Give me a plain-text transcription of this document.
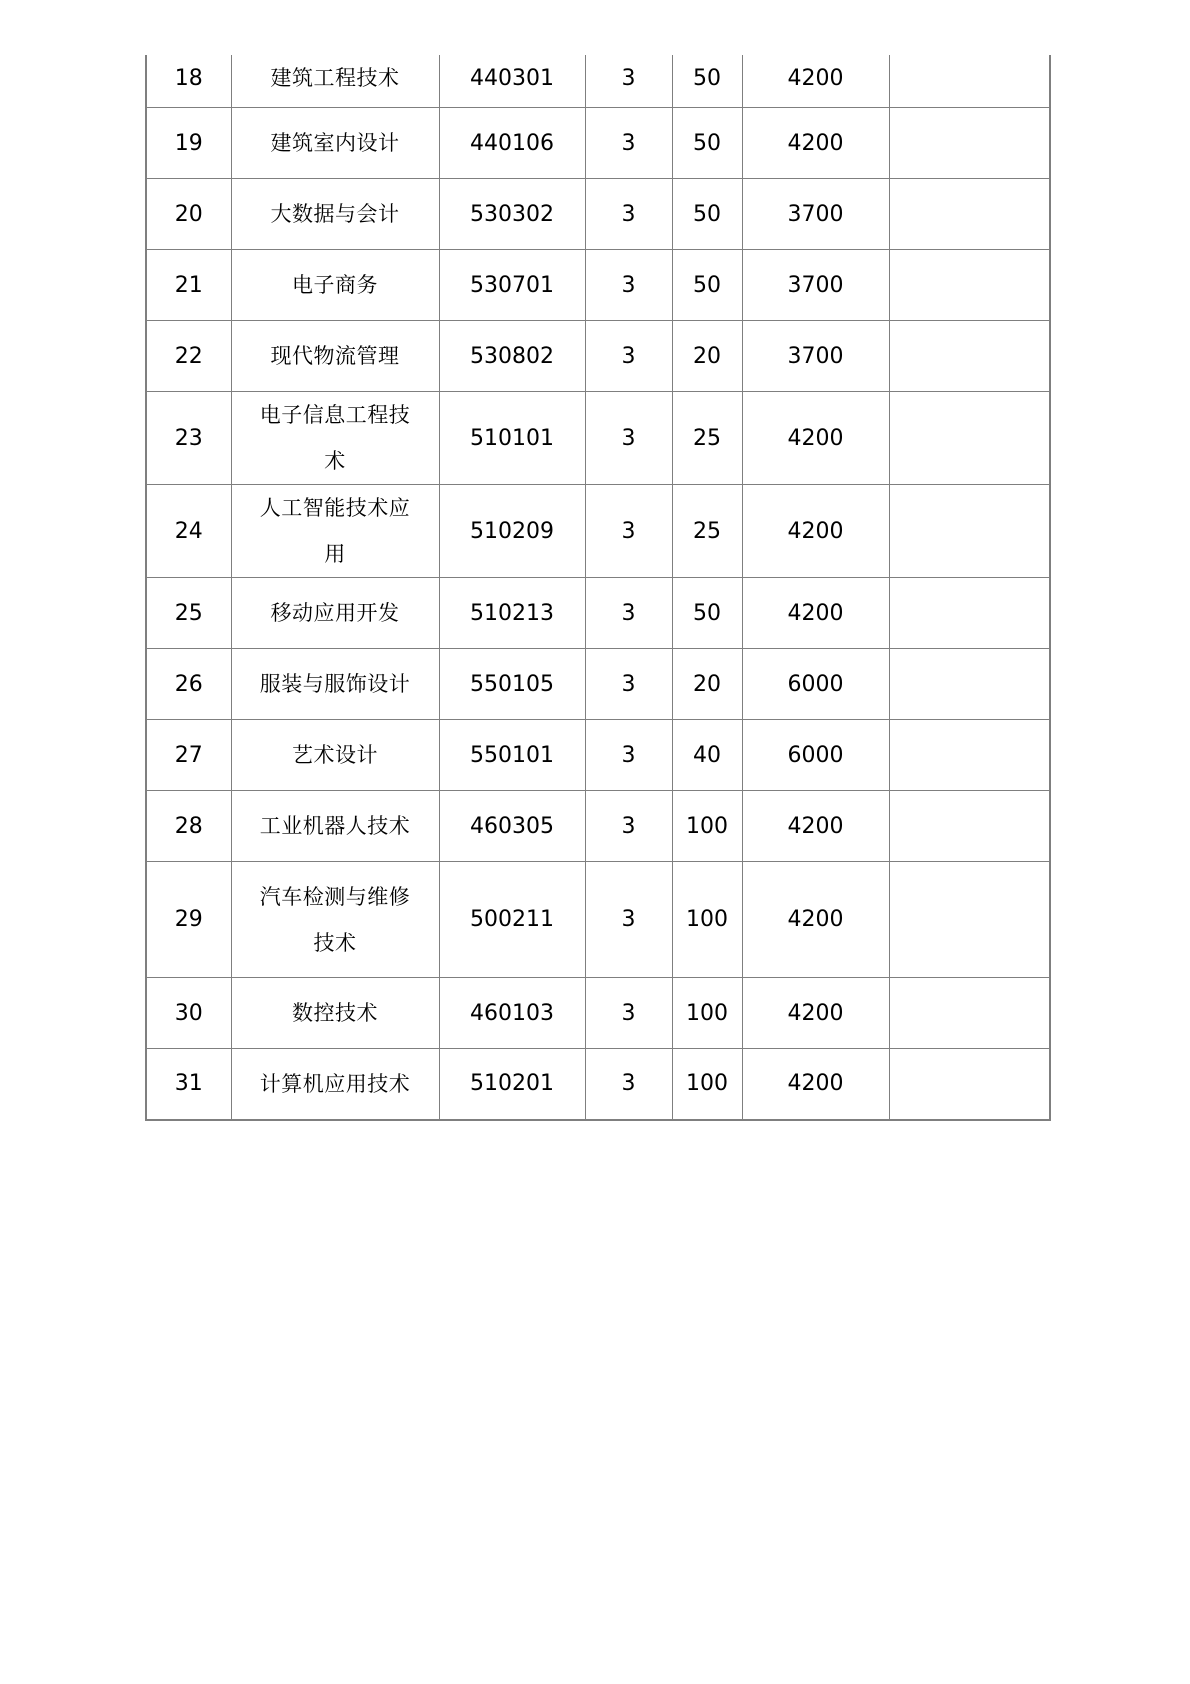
18	建筑工程技术	440301	3	50	4200	
19	建筑室内设计	440106	3	50	4200	
20	大数据与会计	530302	3	50	3700	
21	电子商务	530701	3	50	3700	
22	现代物流管理	530802	3	20	3700	
23	电子信息工程技术	510101	3	25	4200	
24	人工智能技术应用	510209	3	25	4200	
25	移动应用开发	510213	3	50	4200	
26	服装与服饰设计	550105	3	20	6000	
27	艺术设计	550101	3	40	6000	
28	工业机器人技术	460305	3	100	4200	
29	汽车检测与维修技术	500211	3	100	4200	
30	数控技术	460103	3	100	4200	
31	计算机应用技术	510201	3	100	4200	
